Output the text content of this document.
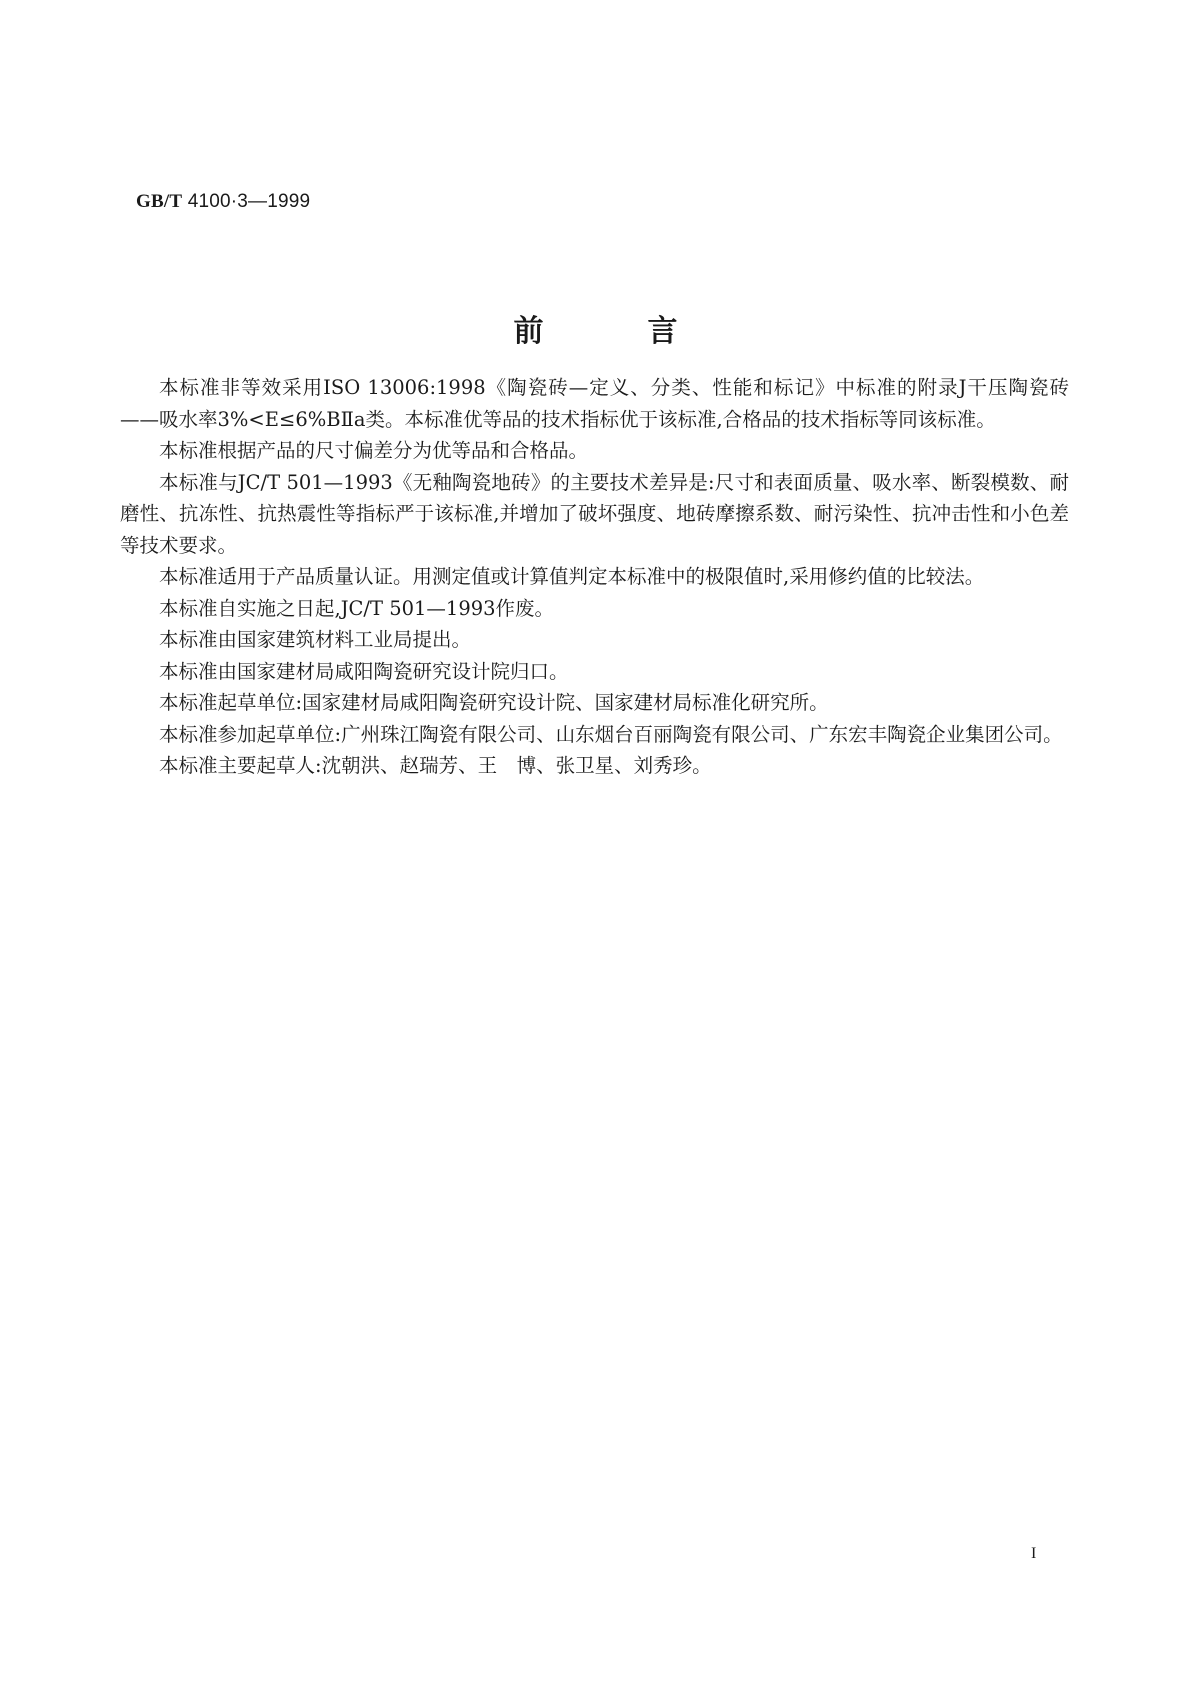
GB/T 4100·3—1999
前	言

本标准非等效采用ISO 13006:1998《陶瓷砖—定义、分类、性能和标记》中标准的附录J干压陶瓷砖——吸水率3%<E≤6%BⅡa类。本标准优等品的技术指标优于该标准,合格品的技术指标等同该标准。

本标准根据产品的尺寸偏差分为优等品和合格品。

本标准与JC/T 501—1993《无釉陶瓷地砖》的主要技术差异是:尺寸和表面质量、吸水率、断裂模数、耐磨性、抗冻性、抗热震性等指标严于该标准,并增加了破坏强度、地砖摩擦系数、耐污染性、抗冲击性和小色差等技术要求。

本标准适用于产品质量认证。用测定值或计算值判定本标准中的极限值时,采用修约值的比较法。

本标准自实施之日起,JC/T 501—1993作废。

本标准由国家建筑材料工业局提出。

本标准由国家建材局咸阳陶瓷研究设计院归口。

本标准起草单位:国家建材局咸阳陶瓷研究设计院、国家建材局标准化研究所。

本标准参加起草单位:广州珠江陶瓷有限公司、山东烟台百丽陶瓷有限公司、广东宏丰陶瓷企业集团公司。

本标准主要起草人:沈朝洪、赵瑞芳、王　博、张卫星、刘秀珍。

I
